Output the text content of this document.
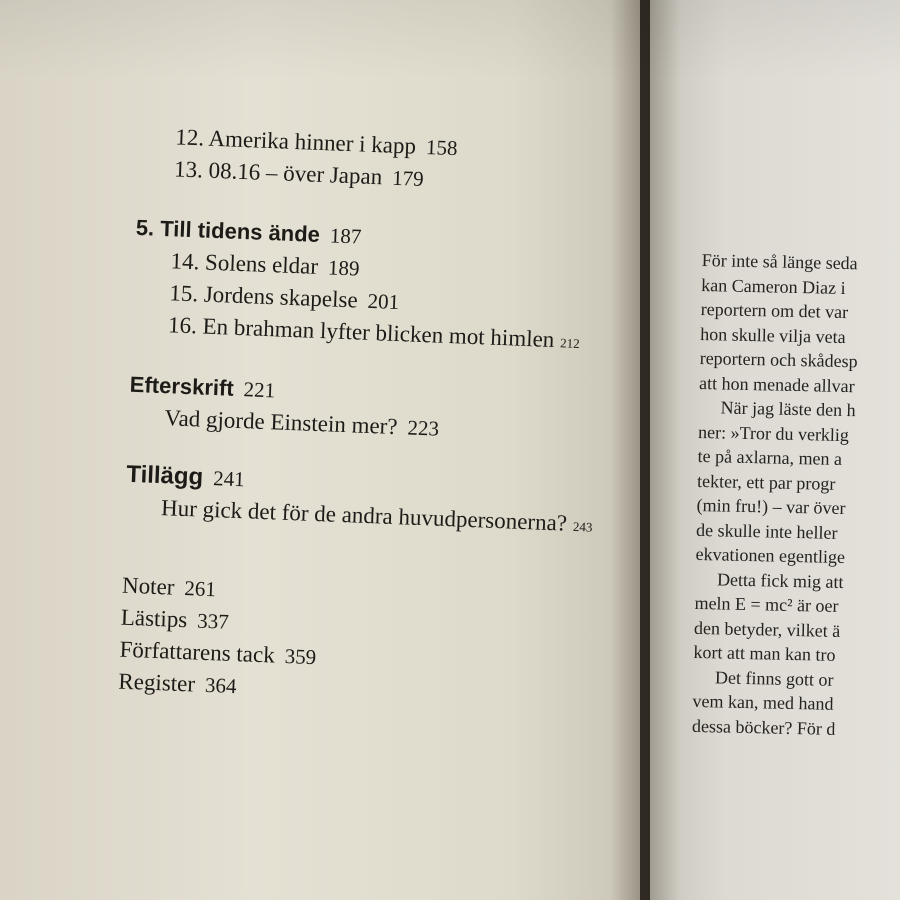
12. Amerika hinner i kapp 158
13. 08.16 – över Japan 179
5. Till tidens ände 187
14. Solens eldar 189
15. Jordens skapelse 201
16. En brahman lyfter blicken mot himlen 212
Efterskrift 221
Vad gjorde Einstein mer? 223
Tillägg 241
Hur gick det för de andra huvudpersonerna? 243
Noter 261
Lästips 337
Författarens tack 359
Register 364
För inte så länge seda
kan Cameron Diaz i
reportern om det var
hon skulle vilja veta
reportern och skådesp
att hon menade allvar
När jag läste den h
ner: »Tror du verklig
te på axlarna, men a
tekter, ett par progr
(min fru!) – var över
de skulle inte heller
ekvationen egentlige
Detta fick mig att
meln E = mc² är oer
den betyder, vilket ä
kort att man kan tro
Det finns gott or
vem kan, med hand
dessa böcker? För d
